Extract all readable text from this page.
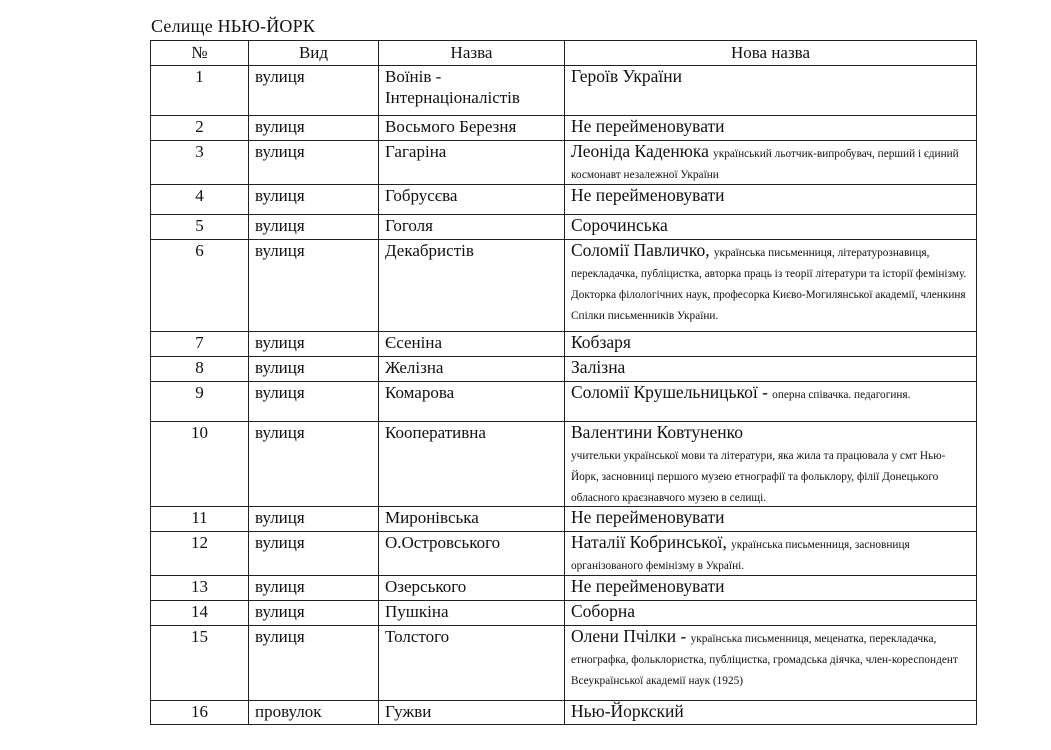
Селище НЬЮ-ЙОРК
№	Вид	Назва	Нова назва
1	вулиця	Воїнів - Інтернаціоналістів	Героїв України
2	вулиця	Восьмого Березня	Не перейменовувати
3	вулиця	Гагаріна	Леоніда Каденюка український льотчик-випробувач, перший і єдиний космонавт незалежної України
4	вулиця	Гобрусєва	Не перейменовувати
5	вулиця	Гоголя	Сорочинська
6	вулиця	Декабристів	Соломії Павличко, українська письменниця, літературознавиця, перекладачка, публіцистка, авторка праць із теорії літератури та історії фемінізму. Докторка філологічних наук, професорка Києво-Могилянської академії, членкиня Спілки письменників України.
7	вулиця	Єсеніна	Кобзаря
8	вулиця	Желізна	Залізна
9	вулиця	Комарова	Соломії Крушельницької - оперна співачка. педагогиня.
10	вулиця	Кооперативна	Валентини Ковтуненко
учительки української мови та літератури, яка жила та працювала у смт Нью-Йорк, засновниці першого музею етнографії та фольклору, філії Донецького обласного краєзнавчого музею в селищі.
11	вулиця	Миронівська	Не перейменовувати
12	вулиця	О.Островського	Наталії Кобринської, українська письменниця, засновниця організованого фемінізму в Україні.
13	вулиця	Озерського	Не перейменовувати
14	вулиця	Пушкіна	Соборна
15	вулиця	Толстого	Олени Пчілки - українська письменниця, меценатка, перекладачка, етнографка, фольклористка, публіцистка, громадська діячка, член-кореспондент Всеукраїнської академії наук (1925)
16	провулок	Гужви	Нью-Йоркский
